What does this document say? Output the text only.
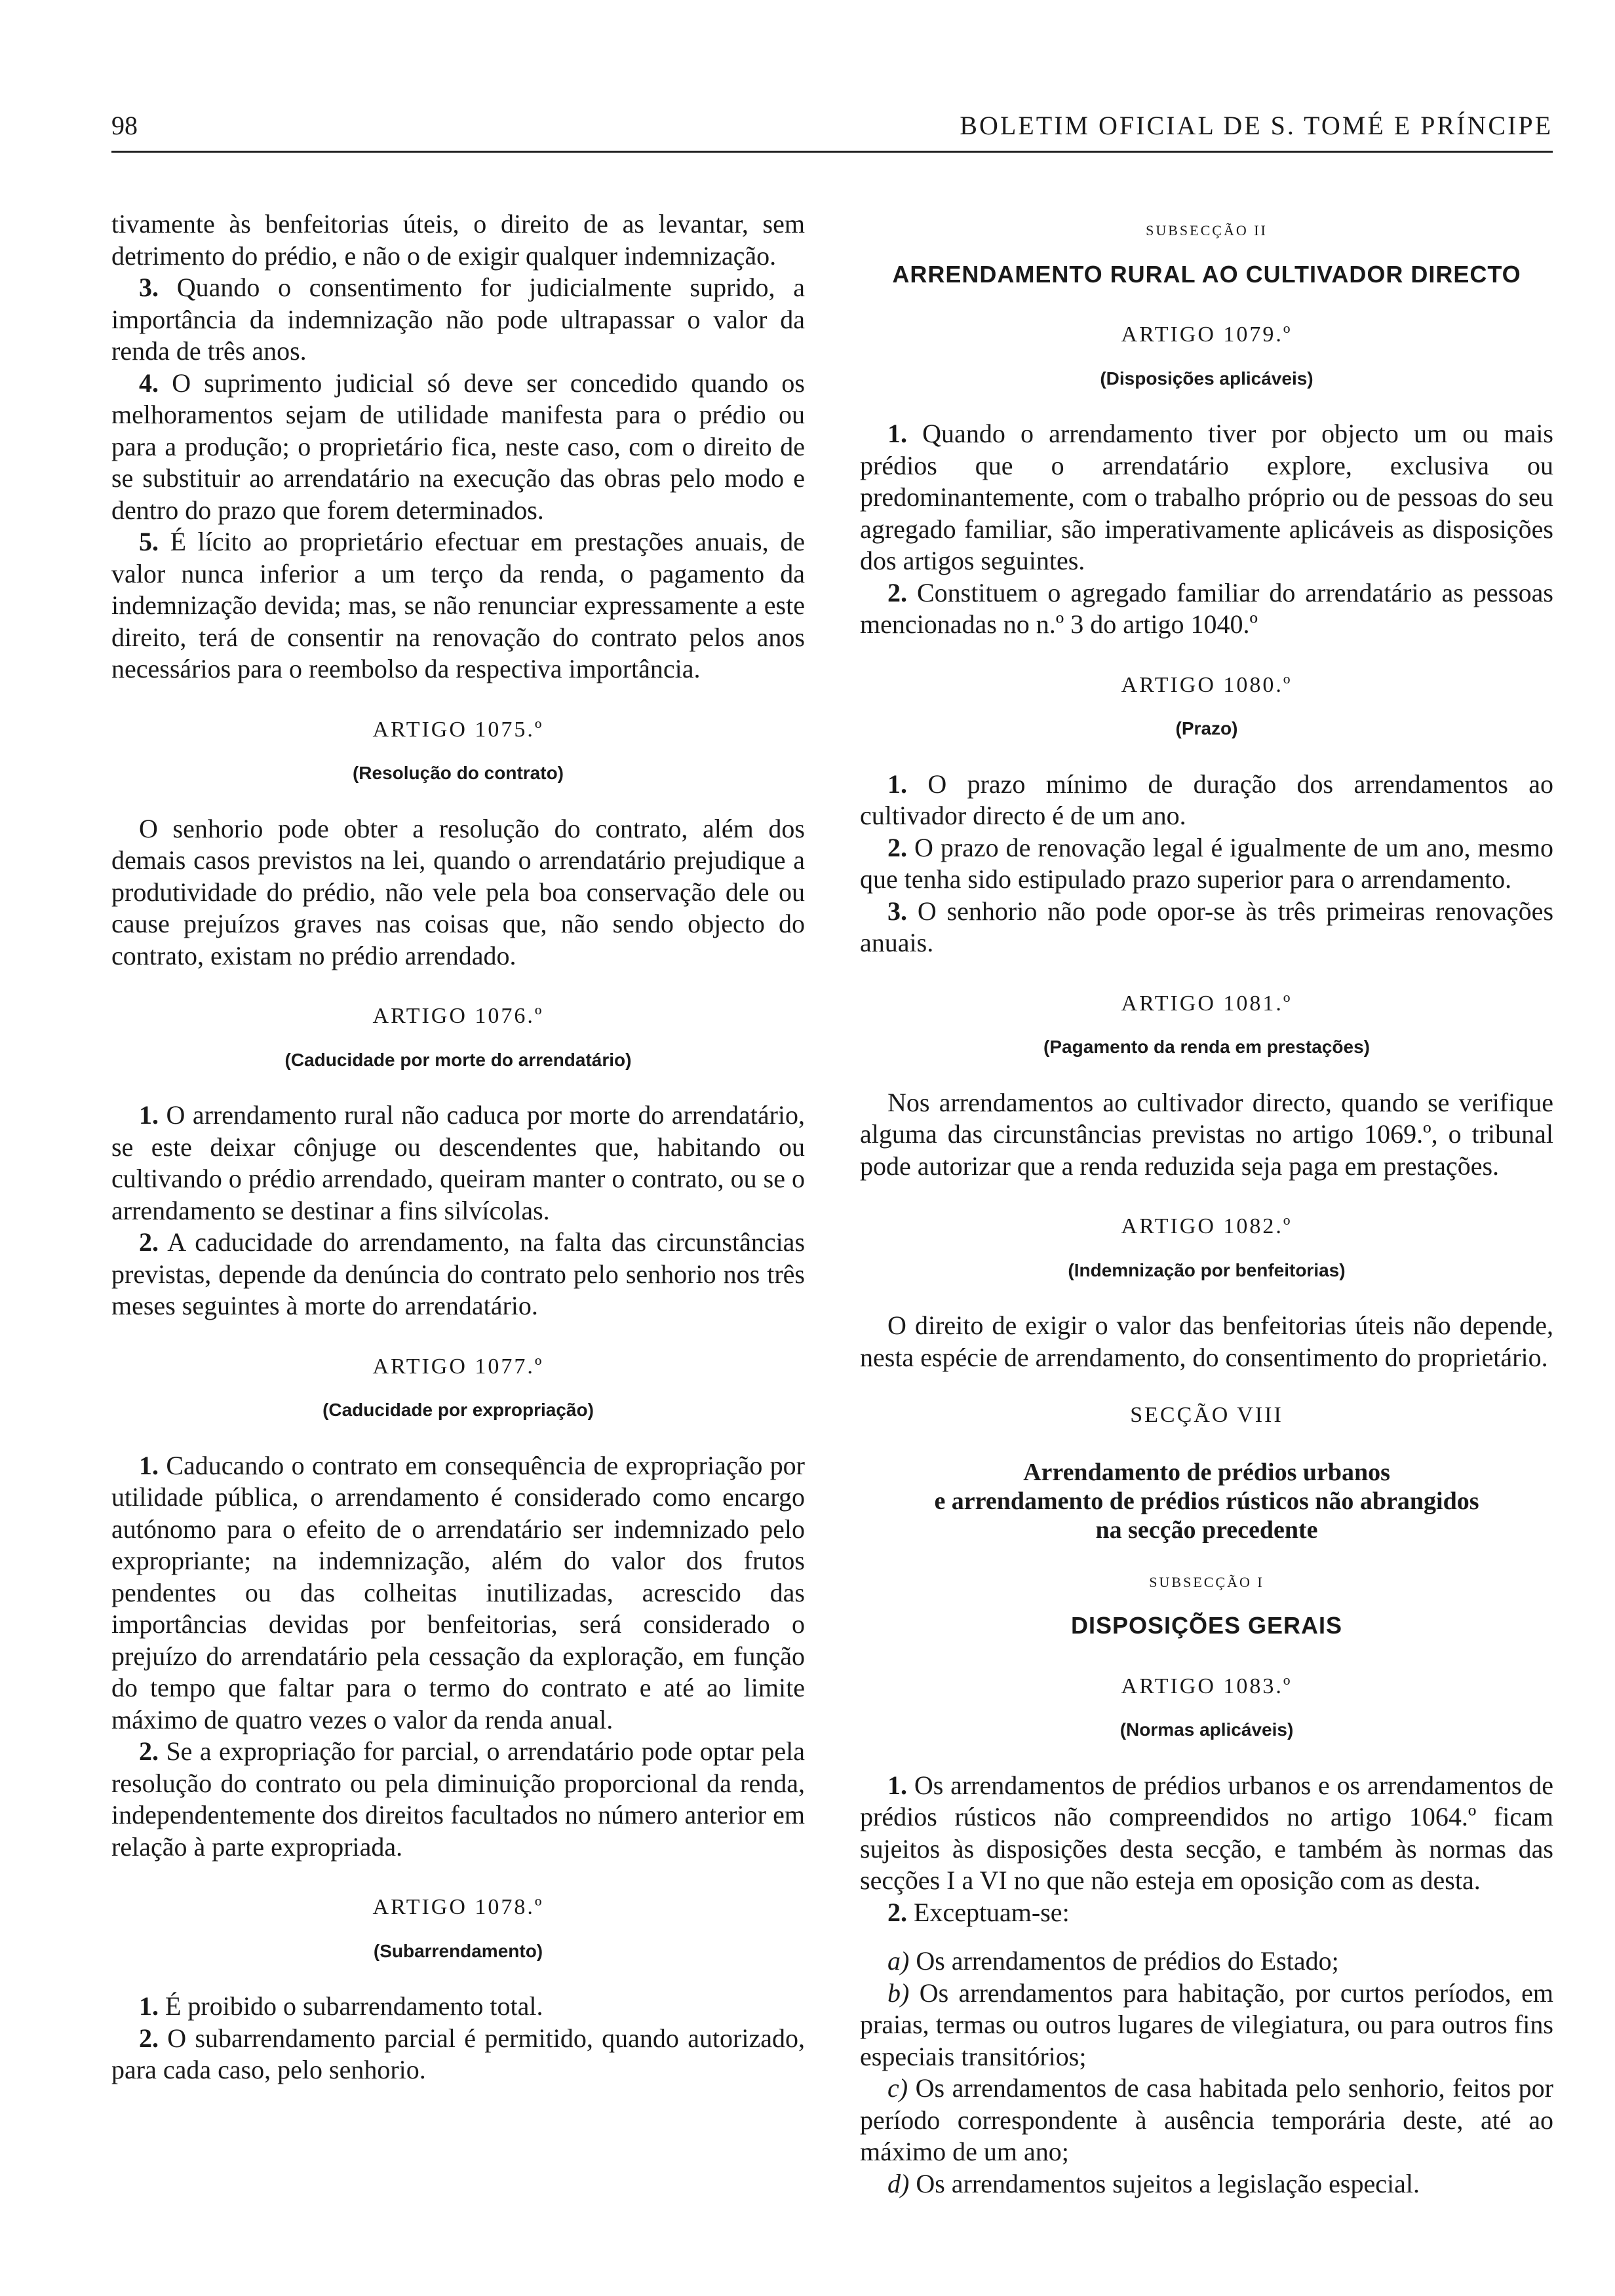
98	BOLETIM OFICIAL DE S. TOMÉ E PRÍNCIPE

tivamente às benfeitorias úteis, o direito de as levantar, sem detrimento do prédio, e não o de exigir qualquer indemnização.

3. Quando o consentimento for judicialmente suprido, a importância da indemnização não pode ultrapassar o valor da renda de três anos.

4. O suprimento judicial só deve ser concedido quando os melhoramentos sejam de utilidade manifesta para o prédio ou para a produção; o proprietário fica, neste caso, com o direito de se substituir ao arrendatário na execução das obras pelo modo e dentro do prazo que forem determinados.

5. É lícito ao proprietário efectuar em prestações anuais, de valor nunca inferior a um terço da renda, o pagamento da indemnização devida; mas, se não renunciar expressamente a este direito, terá de consentir na renovação do contrato pelos anos necessários para o reembolso da respectiva importância.

ARTIGO 1075.º
(Resolução do contrato)

O senhorio pode obter a resolução do contrato, além dos demais casos previstos na lei, quando o arrendatário prejudique a produtividade do prédio, não vele pela boa conservação dele ou cause prejuízos graves nas coisas que, não sendo objecto do contrato, existam no prédio arrendado.

ARTIGO 1076.º
(Caducidade por morte do arrendatário)

1. O arrendamento rural não caduca por morte do arrendatário, se este deixar cônjuge ou descendentes que, habitando ou cultivando o prédio arrendado, queiram manter o contrato, ou se o arrendamento se destinar a fins silvícolas.

2. A caducidade do arrendamento, na falta das circunstâncias previstas, depende da denúncia do contrato pelo senhorio nos três meses seguintes à morte do arrendatário.

ARTIGO 1077.º
(Caducidade por expropriação)

1. Caducando o contrato em consequência de expropriação por utilidade pública, o arrendamento é considerado como encargo autónomo para o efeito de o arrendatário ser indemnizado pelo expropriante; na indemnização, além do valor dos frutos pendentes ou das colheitas inutilizadas, acrescido das importâncias devidas por benfeitorias, será considerado o prejuízo do arrendatário pela cessação da exploração, em função do tempo que faltar para o termo do contrato e até ao limite máximo de quatro vezes o valor da renda anual.

2. Se a expropriação for parcial, o arrendatário pode optar pela resolução do contrato ou pela diminuição proporcional da renda, independentemente dos direitos facultados no número anterior em relação à parte expropriada.

ARTIGO 1078.º
(Subarrendamento)

1. É proibido o subarrendamento total.

2. O subarrendamento parcial é permitido, quando autorizado, para cada caso, pelo senhorio.

SUBSECÇÃO II
ARRENDAMENTO RURAL AO CULTIVADOR DIRECTO
ARTIGO 1079.º
(Disposições aplicáveis)

1. Quando o arrendamento tiver por objecto um ou mais prédios que o arrendatário explore, exclusiva ou predominantemente, com o trabalho próprio ou de pessoas do seu agregado familiar, são imperativamente aplicáveis as disposições dos artigos seguintes.

2. Constituem o agregado familiar do arrendatário as pessoas mencionadas no n.º 3 do artigo 1040.º

ARTIGO 1080.º
(Prazo)

1. O prazo mínimo de duração dos arrendamentos ao cultivador directo é de um ano.

2. O prazo de renovação legal é igualmente de um ano, mesmo que tenha sido estipulado prazo superior para o arrendamento.

3. O senhorio não pode opor-se às três primeiras renovações anuais.

ARTIGO 1081.º
(Pagamento da renda em prestações)

Nos arrendamentos ao cultivador directo, quando se verifique alguma das circunstâncias previstas no artigo 1069.º, o tribunal pode autorizar que a renda reduzida seja paga em prestações.

ARTIGO 1082.º
(Indemnização por benfeitorias)

O direito de exigir o valor das benfeitorias úteis não depende, nesta espécie de arrendamento, do consentimento do proprietário.

SECÇÃO VIII
Arrendamento de prédios urbanos
e arrendamento de prédios rústicos não abrangidos
na secção precedente
SUBSECÇÃO I
DISPOSIÇÕES GERAIS
ARTIGO 1083.º
(Normas aplicáveis)

1. Os arrendamentos de prédios urbanos e os arrendamentos de prédios rústicos não compreendidos no artigo 1064.º ficam sujeitos às disposições desta secção, e também às normas das secções I a VI no que não esteja em oposição com as desta.

2. Exceptuam-se:

a) Os arrendamentos de prédios do Estado;

b) Os arrendamentos para habitação, por curtos períodos, em praias, termas ou outros lugares de vilegiatura, ou para outros fins especiais transitórios;

c) Os arrendamentos de casa habitada pelo senhorio, feitos por período correspondente à ausência temporária deste, até ao máximo de um ano;

d) Os arrendamentos sujeitos a legislação especial.
